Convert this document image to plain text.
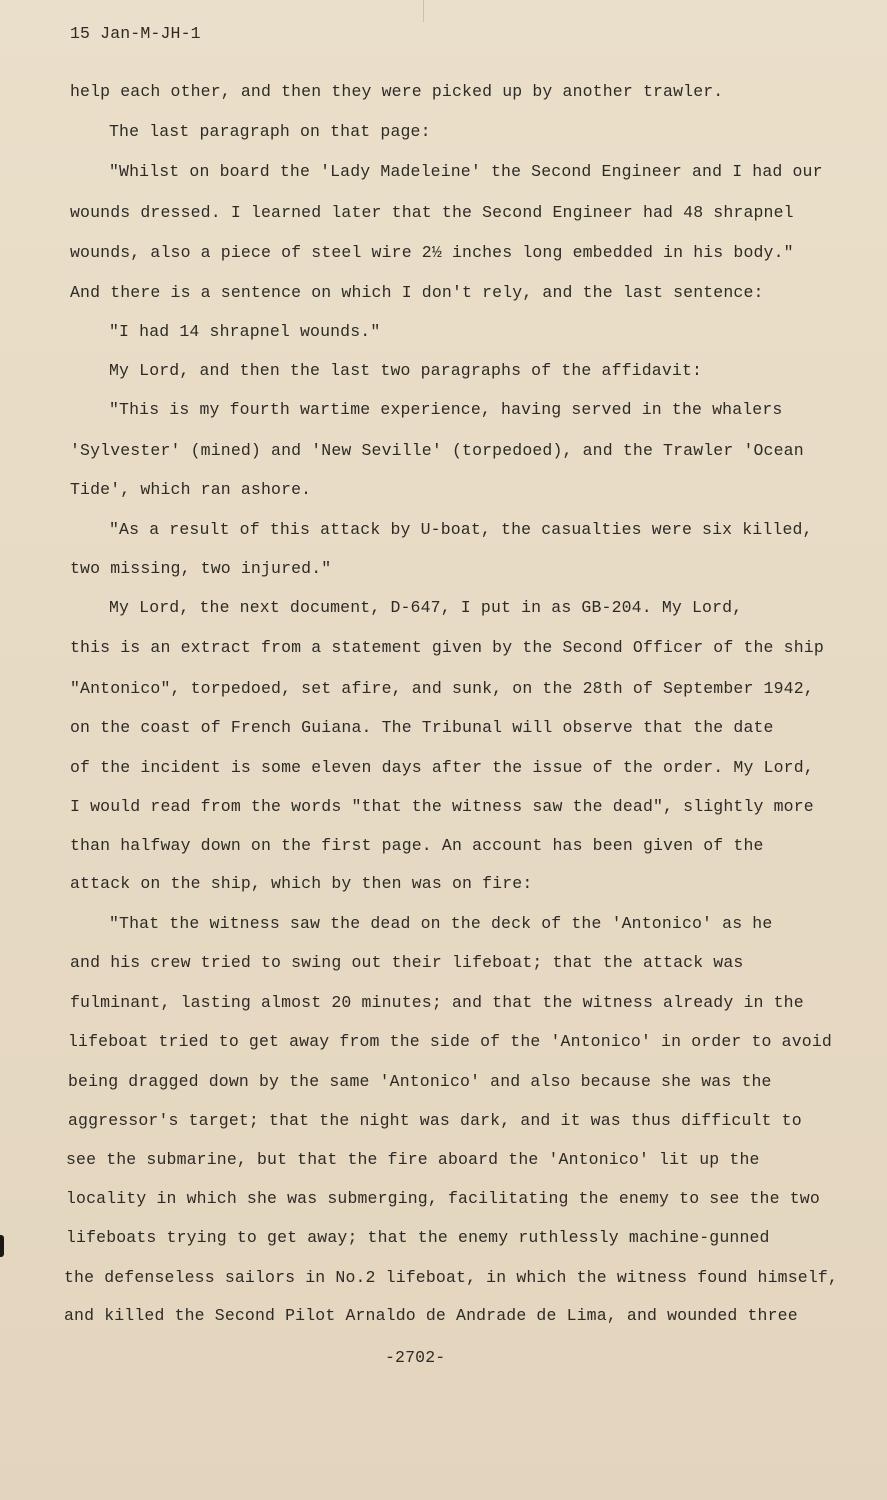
15 Jan-M-JH-1
help each other, and then they were picked up by another trawler.
The last paragraph on that page:
"Whilst on board the 'Lady Madeleine' the Second Engineer and I had our
wounds dressed. I learned later that the Second Engineer had 48 shrapnel
wounds, also a piece of steel wire 2½ inches long embedded in his body."
And there is a sentence on which I don't rely, and the last sentence:
"I had 14 shrapnel wounds."
My Lord, and then the last two paragraphs of the affidavit:
"This is my fourth wartime experience, having served in the whalers
'Sylvester' (mined) and 'New Seville' (torpedoed), and the Trawler 'Ocean
Tide', which ran ashore.
"As a result of this attack by U-boat, the casualties were six killed,
two missing, two injured."
My Lord, the next document, D-647, I put in as GB-204. My Lord,
this is an extract from a statement given by the Second Officer of the ship
"Antonico", torpedoed, set afire, and sunk, on the 28th of September 1942,
on the coast of French Guiana. The Tribunal will observe that the date
of the incident is some eleven days after the issue of the order. My Lord,
I would read from the words "that the witness saw the dead", slightly more
than halfway down on the first page. An account has been given of the
attack on the ship, which by then was on fire:
"That the witness saw the dead on the deck of the 'Antonico' as he
and his crew tried to swing out their lifeboat; that the attack was
fulminant, lasting almost 20 minutes; and that the witness already in the
lifeboat tried to get away from the side of the 'Antonico' in order to avoid
being dragged down by the same 'Antonico' and also because she was the
aggressor's target; that the night was dark, and it was thus difficult to
see the submarine, but that the fire aboard the 'Antonico' lit up the
locality in which she was submerging, facilitating the enemy to see the two
lifeboats trying to get away; that the enemy ruthlessly machine-gunned
the defenseless sailors in No.2 lifeboat, in which the witness found himself,
and killed the Second Pilot Arnaldo de Andrade de Lima, and wounded three
-2702-
